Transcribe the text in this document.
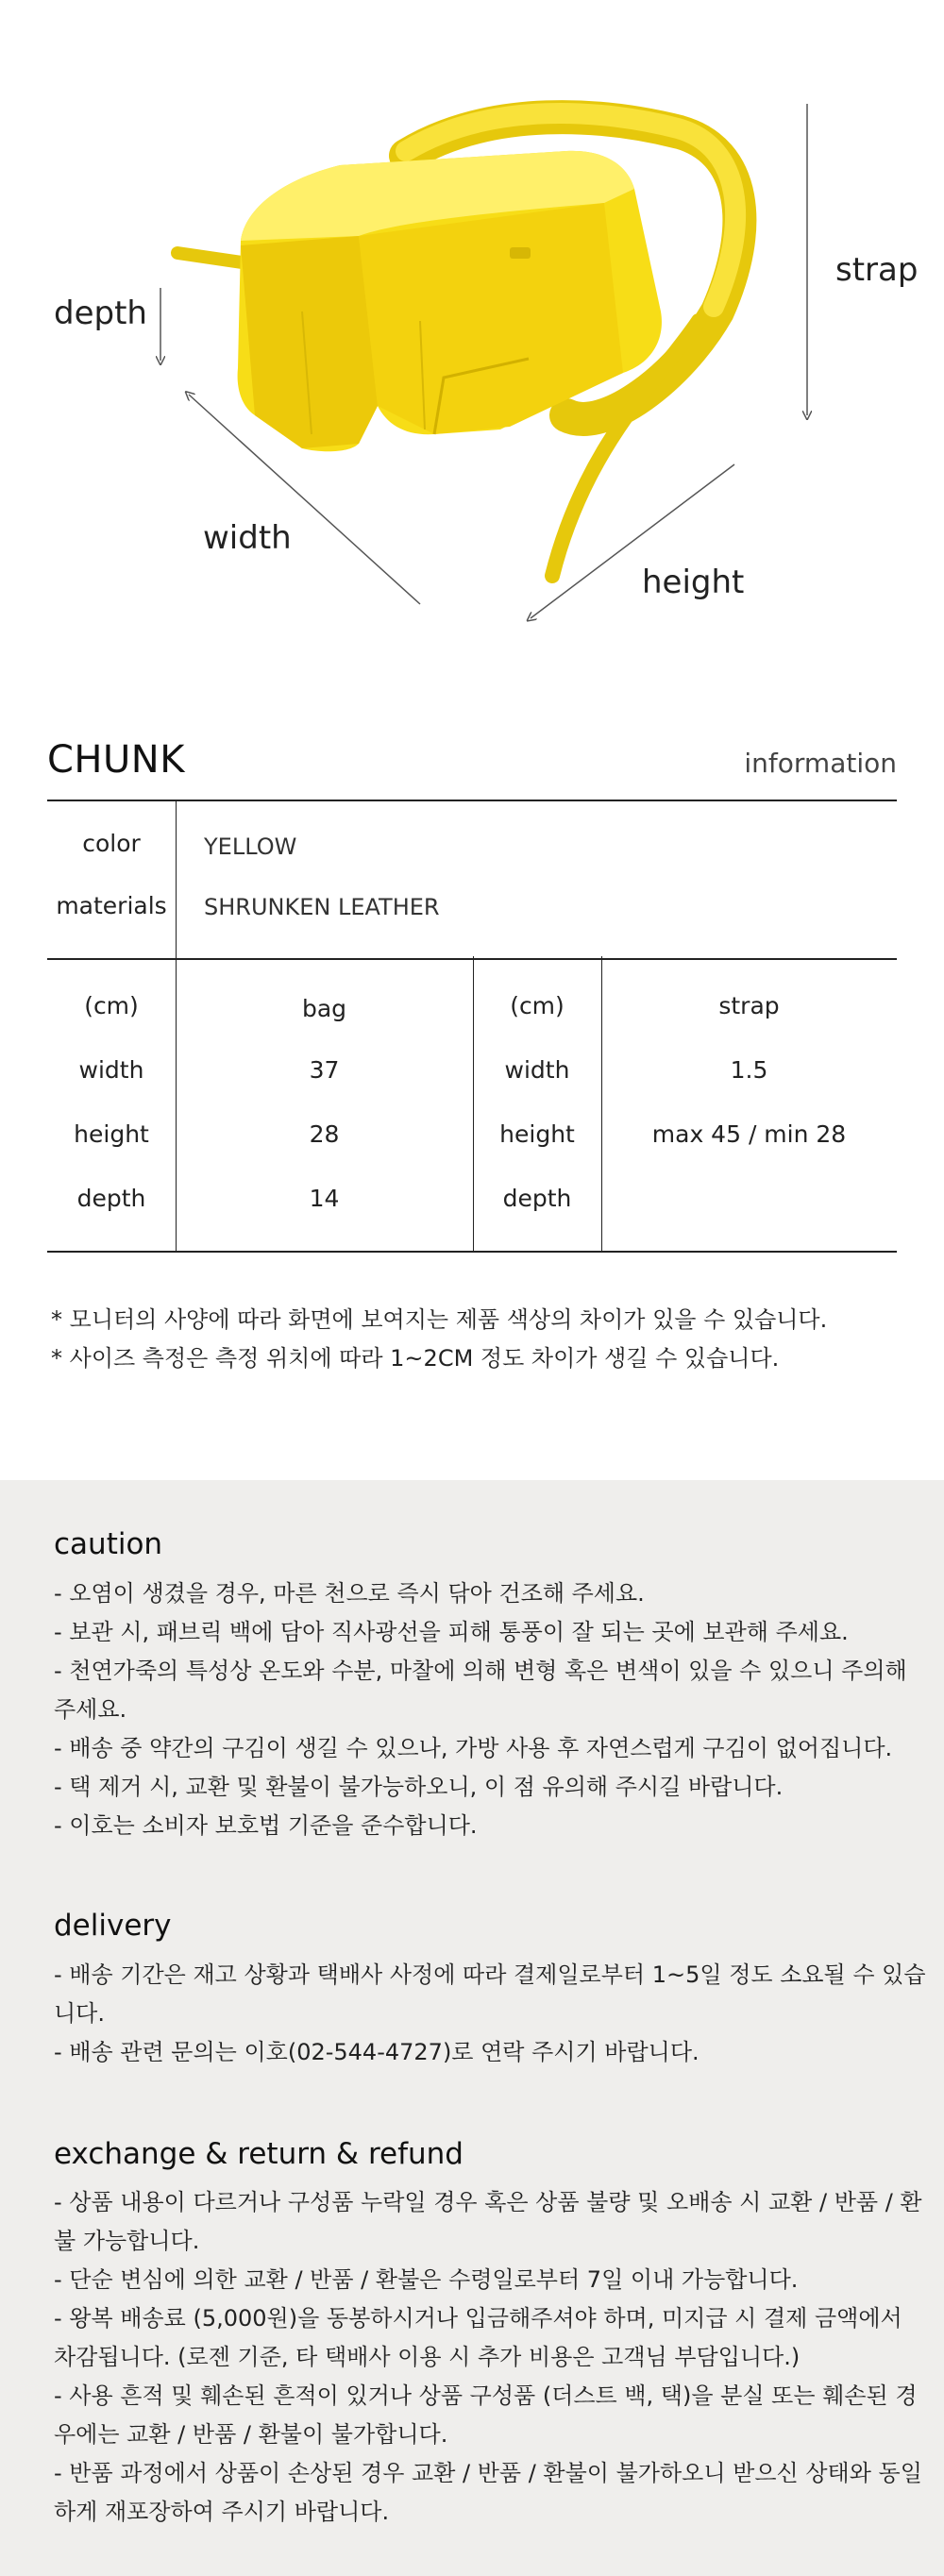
depth
strap
width
height
CHUNK	information
color	YELLOW
materials	SHRUNKEN LEATHER
(cm)	bag	(cm)	strap
width	37	width	1.5
height	28	height	max 45 / min 28
depth	14	depth
* 모니터의 사양에 따라 화면에 보여지는 제품 색상의 차이가 있을 수 있습니다.
* 사이즈 측정은 측정 위치에 따라 1~2CM 정도 차이가 생길 수 있습니다.
caution
- 오염이 생겼을 경우, 마른 천으로 즉시 닦아 건조해 주세요.
- 보관 시, 패브릭 백에 담아 직사광선을 피해 통풍이 잘 되는 곳에 보관해 주세요.
- 천연가죽의 특성상 온도와 수분, 마찰에 의해 변형 혹은 변색이 있을 수 있으니 주의해
주세요.
- 배송 중 약간의 구김이 생길 수 있으나, 가방 사용 후 자연스럽게 구김이 없어집니다.
- 택 제거 시, 교환 및 환불이 불가능하오니, 이 점 유의해 주시길 바랍니다.
- 이호는 소비자 보호법 기준을 준수합니다.
delivery
- 배송 기간은 재고 상황과 택배사 사정에 따라 결제일로부터 1~5일 정도 소요될 수 있습
니다.
- 배송 관련 문의는 이호(02-544-4727)로 연락 주시기 바랍니다.
exchange & return & refund
- 상품 내용이 다르거나 구성품 누락일 경우 혹은 상품 불량 및 오배송 시 교환 / 반품 / 환
불 가능합니다.
- 단순 변심에 의한 교환 / 반품 / 환불은 수령일로부터 7일 이내 가능합니다.
- 왕복 배송료 (5,000원)을 동봉하시거나 입금해주셔야 하며, 미지급 시 결제 금액에서
차감됩니다. (로젠 기준, 타 택배사 이용 시 추가 비용은 고객님 부담입니다.)
- 사용 흔적 및 훼손된 흔적이 있거나 상품 구성품 (더스트 백, 택)을 분실 또는 훼손된 경
우에는 교환 / 반품 / 환불이 불가합니다.
- 반품 과정에서 상품이 손상된 경우 교환 / 반품 / 환불이 불가하오니 받으신 상태와 동일
하게 재포장하여 주시기 바랍니다.
